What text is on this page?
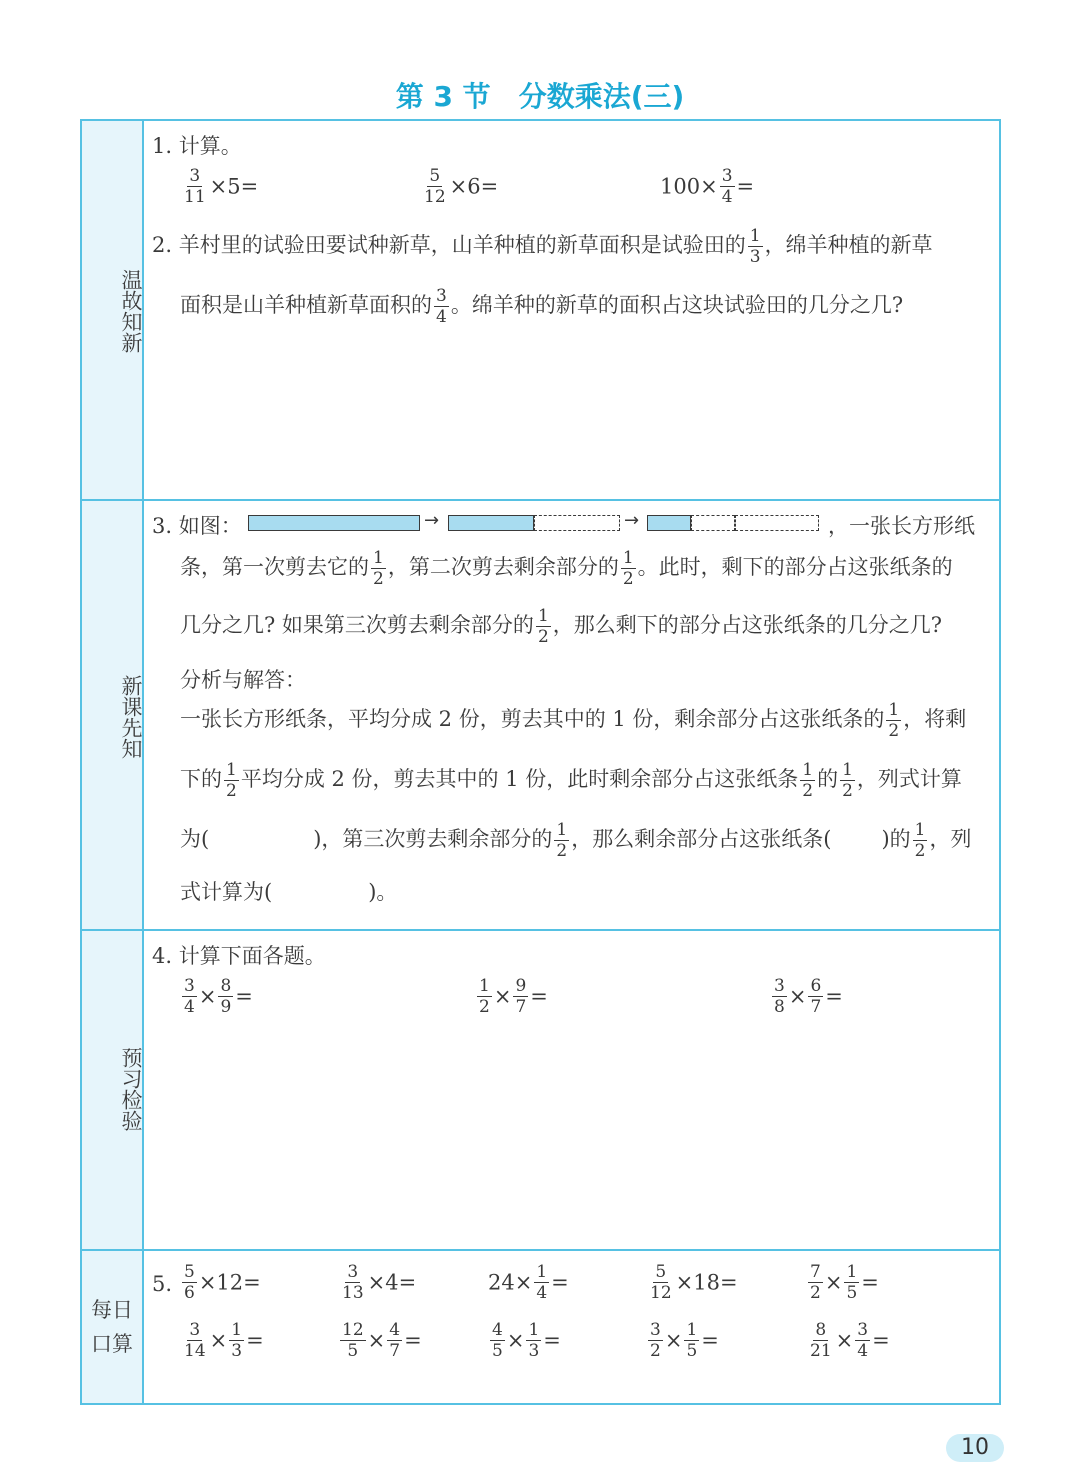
第 3 节 分数乘法(三)
温故知新
新课先知
预习检验
每日
口算
1. 计算。
$\frac{3}{11} \times 5=$	$\frac{5}{12} \times 6=$	$100\times \frac{3}{4}$ =
2. 羊村里的试验田要试种新草，山羊种植的新草面积是试验田的 $\frac{1}{3}$ ，绵羊种植的新草
面积是山羊种植新草面积的 $\frac{3}{4}$ 。绵羊种的新草的面积占这块试验田的几分之几?
3. 如图：	→	→	，一张长方形纸
条，第一次剪去它的 $\frac{1}{2}$ ，第二次剪去剩余部分的 $\frac{1}{2}$ 。此时，剩下的部分占这张纸条的
几分之几? 如果第三次剪去剩余部分的 $\frac{1}{2}$ ，那么剩下的部分占这张纸条的几分之几?
分析与解答：
一张长方形纸条，平均分成 2 份，剪去其中的 1 份，剩余部分占这张纸条的 $\frac{1}{2}$ ，将剩
下的 $\frac{1}{2}$ 平均分成 2 份，剪去其中的 1 份，此时剩余部分占这张纸条 $\frac{1}{2}$ 的 $\frac{1}{2}$ ，列式计算
为(	)，第三次剪去剩余部分的 $\frac{1}{2}$ ，那么剩余部分占这张纸条( )的 $\frac{1}{2}$ ，列
式计算为(	)。
4. 计算下面各题。
$\frac{3}{4} \times \frac{8}{9}$ =	$\frac{1}{2} \times \frac{9}{7}$ =	$\frac{3}{8} \times \frac{6}{7}$ =
5. $\frac{5}{6} \times 12=$	$\frac{3}{13} \times 4=$	$24\times \frac{1}{4}$ =	$\frac{5}{12} \times 18=$	$\frac{7}{2} \times \frac{1}{5}$ =
$\frac{3}{14} \times \frac{1}{3}$ =	$\frac{12}{5} \times \frac{4}{7}$ =	$\frac{4}{5} \times \frac{1}{3}$ =	$\frac{3}{2} \times \frac{1}{5}$ =	$\frac{8}{21} \times \frac{3}{4}$ =
10
